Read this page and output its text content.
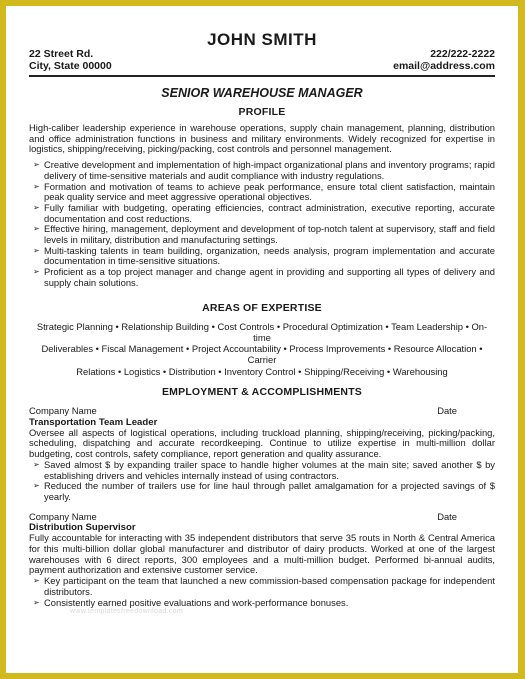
JOHN SMITH
22 Street Rd.
City, State 00000
222/222-2222
email@address.com
SENIOR WAREHOUSE MANAGER
PROFILE
High-caliber leadership experience in warehouse operations, supply chain management, planning, distribution and office administration functions in business and military environments. Widely recognized for expertise in logistics, shipping/receiving, picking/packing, cost controls and personnel management.
➢ Creative development and implementation of high-impact organizational plans and inventory programs; rapid delivery of time-sensitive materials and audit compliance with industry regulations.
➢ Formation and motivation of teams to achieve peak performance, ensure total client satisfaction, maintain peak quality service and meet aggressive operational objectives.
➢ Fully familiar with budgeting, operating efficiencies, contract administration, executive reporting, accurate documentation and cost reductions.
➢ Effective hiring, management, deployment and development of top-notch talent at supervisory, staff and field levels in military, distribution and manufacturing settings.
➢ Multi-tasking talents in team building, organization, needs analysis, program implementation and accurate documentation in time-sensitive situations.
➢ Proficient as a top project manager and change agent in providing and supporting all types of delivery and supply chain solutions.
AREAS OF EXPERTISE
Strategic Planning • Relationship Building • Cost Controls • Procedural Optimization • Team Leadership • On-time
Deliverables • Fiscal Management • Project Accountability • Process Improvements • Resource Allocation • Carrier
Relations • Logistics • Distribution • Inventory Control • Shipping/Receiving • Warehousing
EMPLOYMENT & ACCOMPLISHMENTS
Company Name	Date
Transportation Team Leader
Oversee all aspects of logistical operations, including truckload planning, shipping/receiving, picking/packing, scheduling, dispatching and accurate recordkeeping. Continue to utilize expertise in multi-million dollar budgeting, cost controls, safety compliance, report generation and quality assurance.
➢ Saved almost $ by expanding trailer space to handle higher volumes at the main site; saved another $ by establishing drivers and vehicles internally instead of using contractors.
➢ Reduced the number of trailers use for line haul through pallet amalgamation for a projected savings of $ yearly.
Company Name	Date
Distribution Supervisor
Fully accountable for interacting with 35 independent distributors that serve 35 routs in North & Central America for this multi-billion dollar global manufacturer and distributor of dairy products. Worked at one of the largest warehouses with 6 direct reports, 300 employees and a multi-million budget. Performed bi-annual audits, payment authorization and extensive customer service.
➢ Key participant on the team that launched a new commission-based compensation package for independent distributors.
➢ Consistently earned positive evaluations and work-performance bonuses.
www.templatesfreedownload.com
